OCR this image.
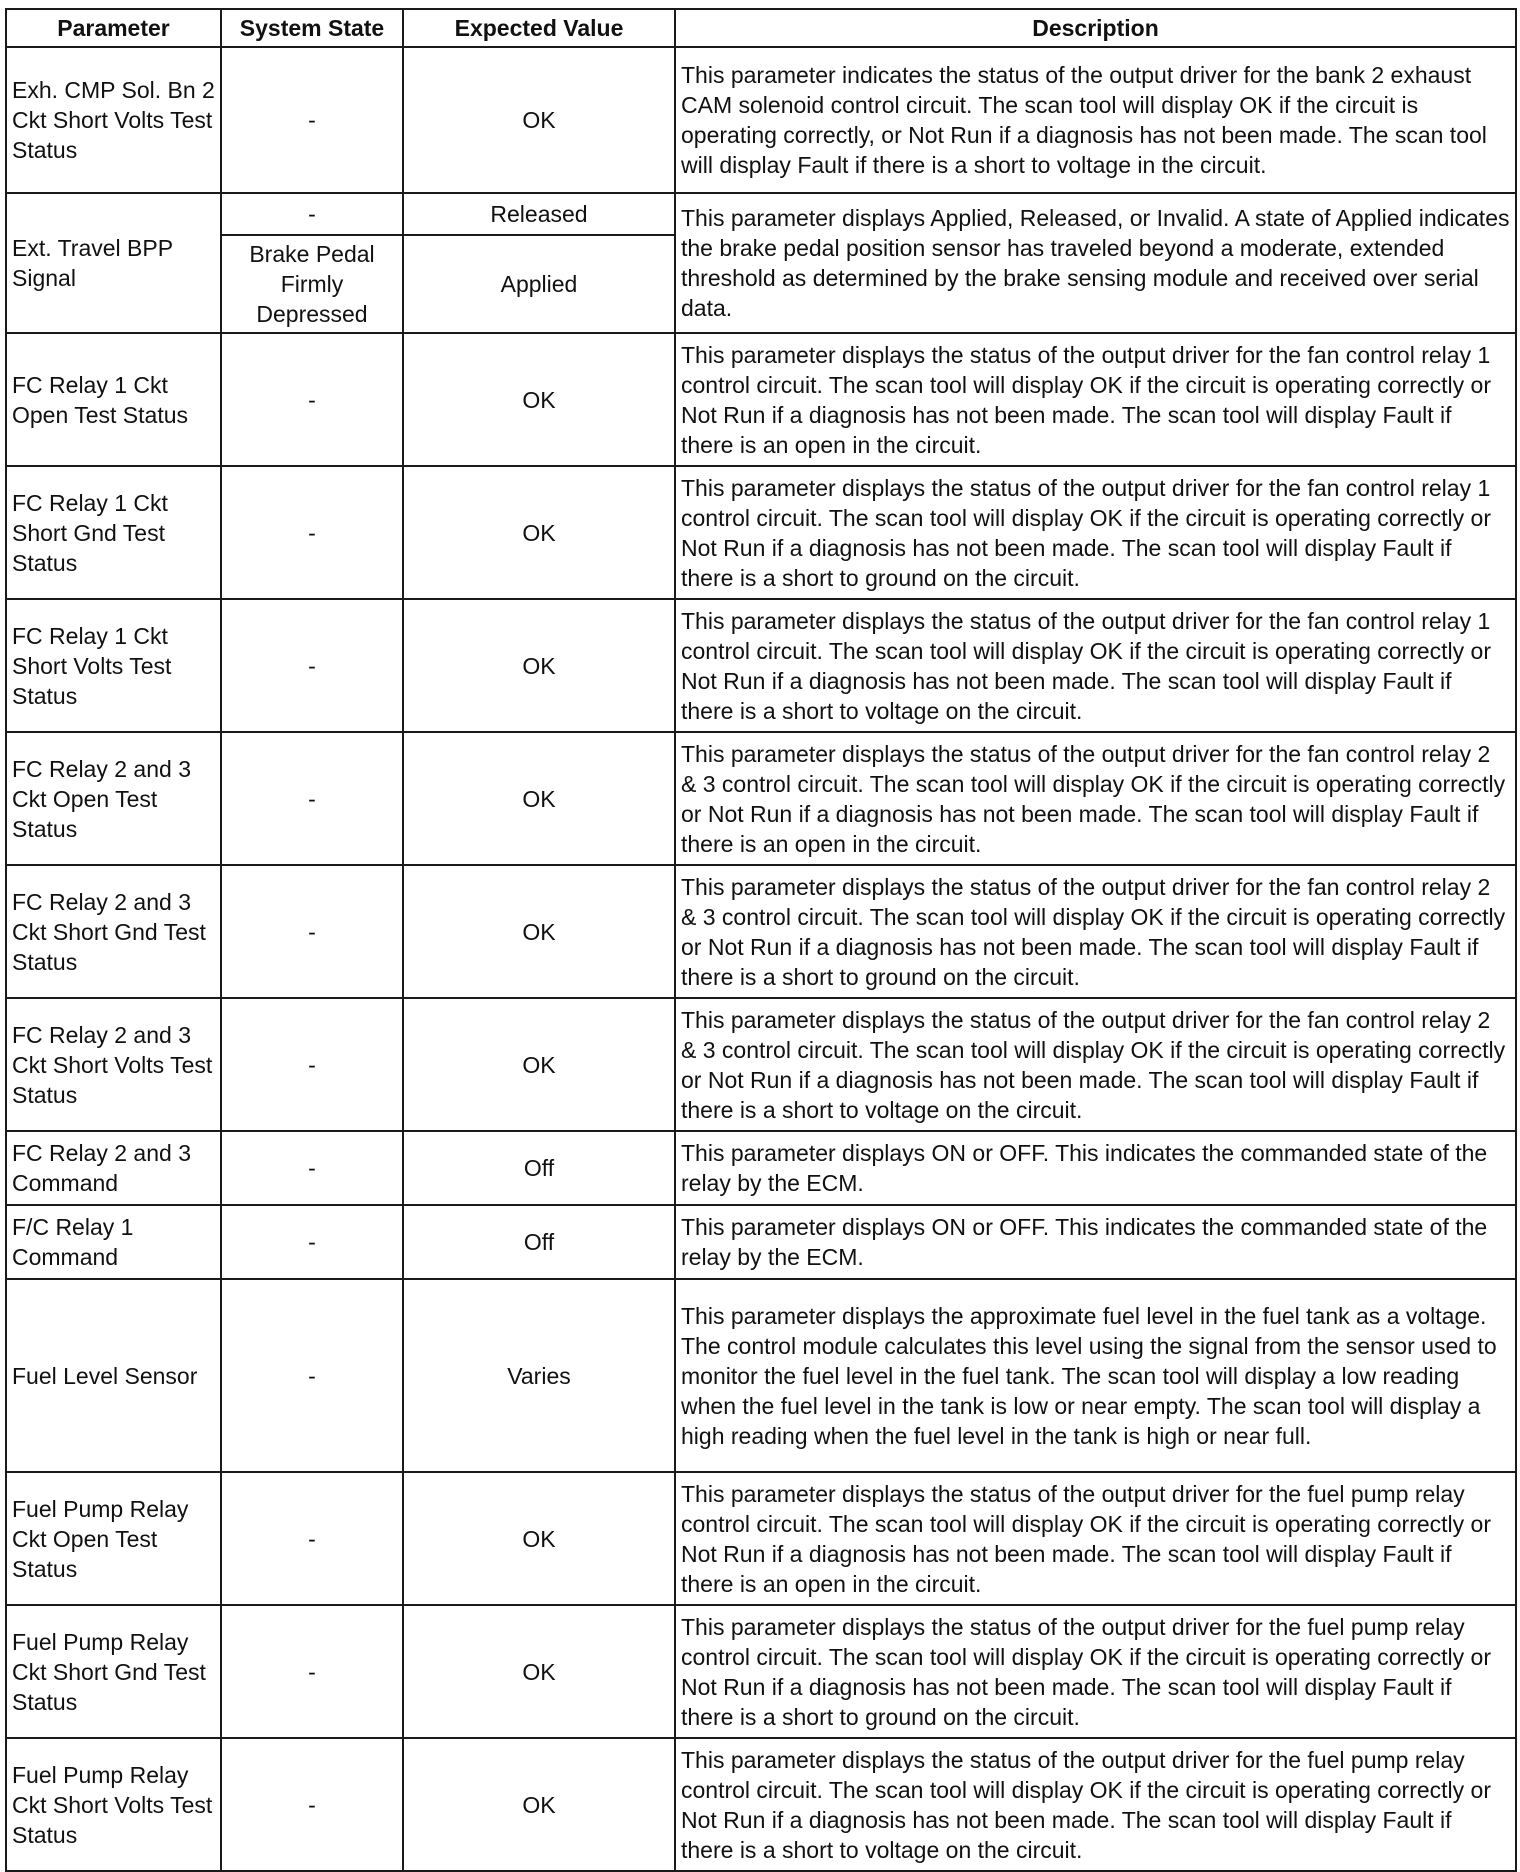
Parameter	System State	Expected Value	Description
Exh. CMP Sol. Bn 2 Ckt Short Volts Test Status	-	OK	This parameter indicates the status of the output driver for the bank 2 exhaust CAM solenoid control circuit. The scan tool will display OK if the circuit is operating correctly, or Not Run if a diagnosis has not been made. The scan tool will display Fault if there is a short to voltage in the circuit.
Ext. Travel BPP Signal	-	Released	This parameter displays Applied, Released, or Invalid. A state of Applied indicates the brake pedal position sensor has traveled beyond a moderate, extended threshold as determined by the brake sensing module and received over serial data.
	Brake Pedal Firmly Depressed	Applied	
FC Relay 1 Ckt Open Test Status	-	OK	This parameter displays the status of the output driver for the fan control relay 1 control circuit. The scan tool will display OK if the circuit is operating correctly or Not Run if a diagnosis has not been made. The scan tool will display Fault if there is an open in the circuit.
FC Relay 1 Ckt Short Gnd Test Status	-	OK	This parameter displays the status of the output driver for the fan control relay 1 control circuit. The scan tool will display OK if the circuit is operating correctly or Not Run if a diagnosis has not been made. The scan tool will display Fault if there is a short to ground on the circuit.
FC Relay 1 Ckt Short Volts Test Status	-	OK	This parameter displays the status of the output driver for the fan control relay 1 control circuit. The scan tool will display OK if the circuit is operating correctly or Not Run if a diagnosis has not been made. The scan tool will display Fault if there is a short to voltage on the circuit.
FC Relay 2 and 3 Ckt Open Test Status	-	OK	This parameter displays the status of the output driver for the fan control relay 2 & 3 control circuit. The scan tool will display OK if the circuit is operating correctly or Not Run if a diagnosis has not been made. The scan tool will display Fault if there is an open in the circuit.
FC Relay 2 and 3 Ckt Short Gnd Test Status	-	OK	This parameter displays the status of the output driver for the fan control relay 2 & 3 control circuit. The scan tool will display OK if the circuit is operating correctly or Not Run if a diagnosis has not been made. The scan tool will display Fault if there is a short to ground on the circuit.
FC Relay 2 and 3 Ckt Short Volts Test Status	-	OK	This parameter displays the status of the output driver for the fan control relay 2 & 3 control circuit. The scan tool will display OK if the circuit is operating correctly or Not Run if a diagnosis has not been made. The scan tool will display Fault if there is a short to voltage on the circuit.
FC Relay 2 and 3 Command	-	Off	This parameter displays ON or OFF. This indicates the commanded state of the relay by the ECM.
F/C Relay 1 Command	-	Off	This parameter displays ON or OFF. This indicates the commanded state of the relay by the ECM.
Fuel Level Sensor	-	Varies	This parameter displays the approximate fuel level in the fuel tank as a voltage. The control module calculates this level using the signal from the sensor used to monitor the fuel level in the fuel tank. The scan tool will display a low reading when the fuel level in the tank is low or near empty. The scan tool will display a high reading when the fuel level in the tank is high or near full.
Fuel Pump Relay Ckt Open Test Status	-	OK	This parameter displays the status of the output driver for the fuel pump relay control circuit. The scan tool will display OK if the circuit is operating correctly or Not Run if a diagnosis has not been made. The scan tool will display Fault if there is an open in the circuit.
Fuel Pump Relay Ckt Short Gnd Test Status	-	OK	This parameter displays the status of the output driver for the fuel pump relay control circuit. The scan tool will display OK if the circuit is operating correctly or Not Run if a diagnosis has not been made. The scan tool will display Fault if there is a short to ground on the circuit.
Fuel Pump Relay Ckt Short Volts Test Status	-	OK	This parameter displays the status of the output driver for the fuel pump relay control circuit. The scan tool will display OK if the circuit is operating correctly or Not Run if a diagnosis has not been made. The scan tool will display Fault if there is a short to voltage on the circuit.
